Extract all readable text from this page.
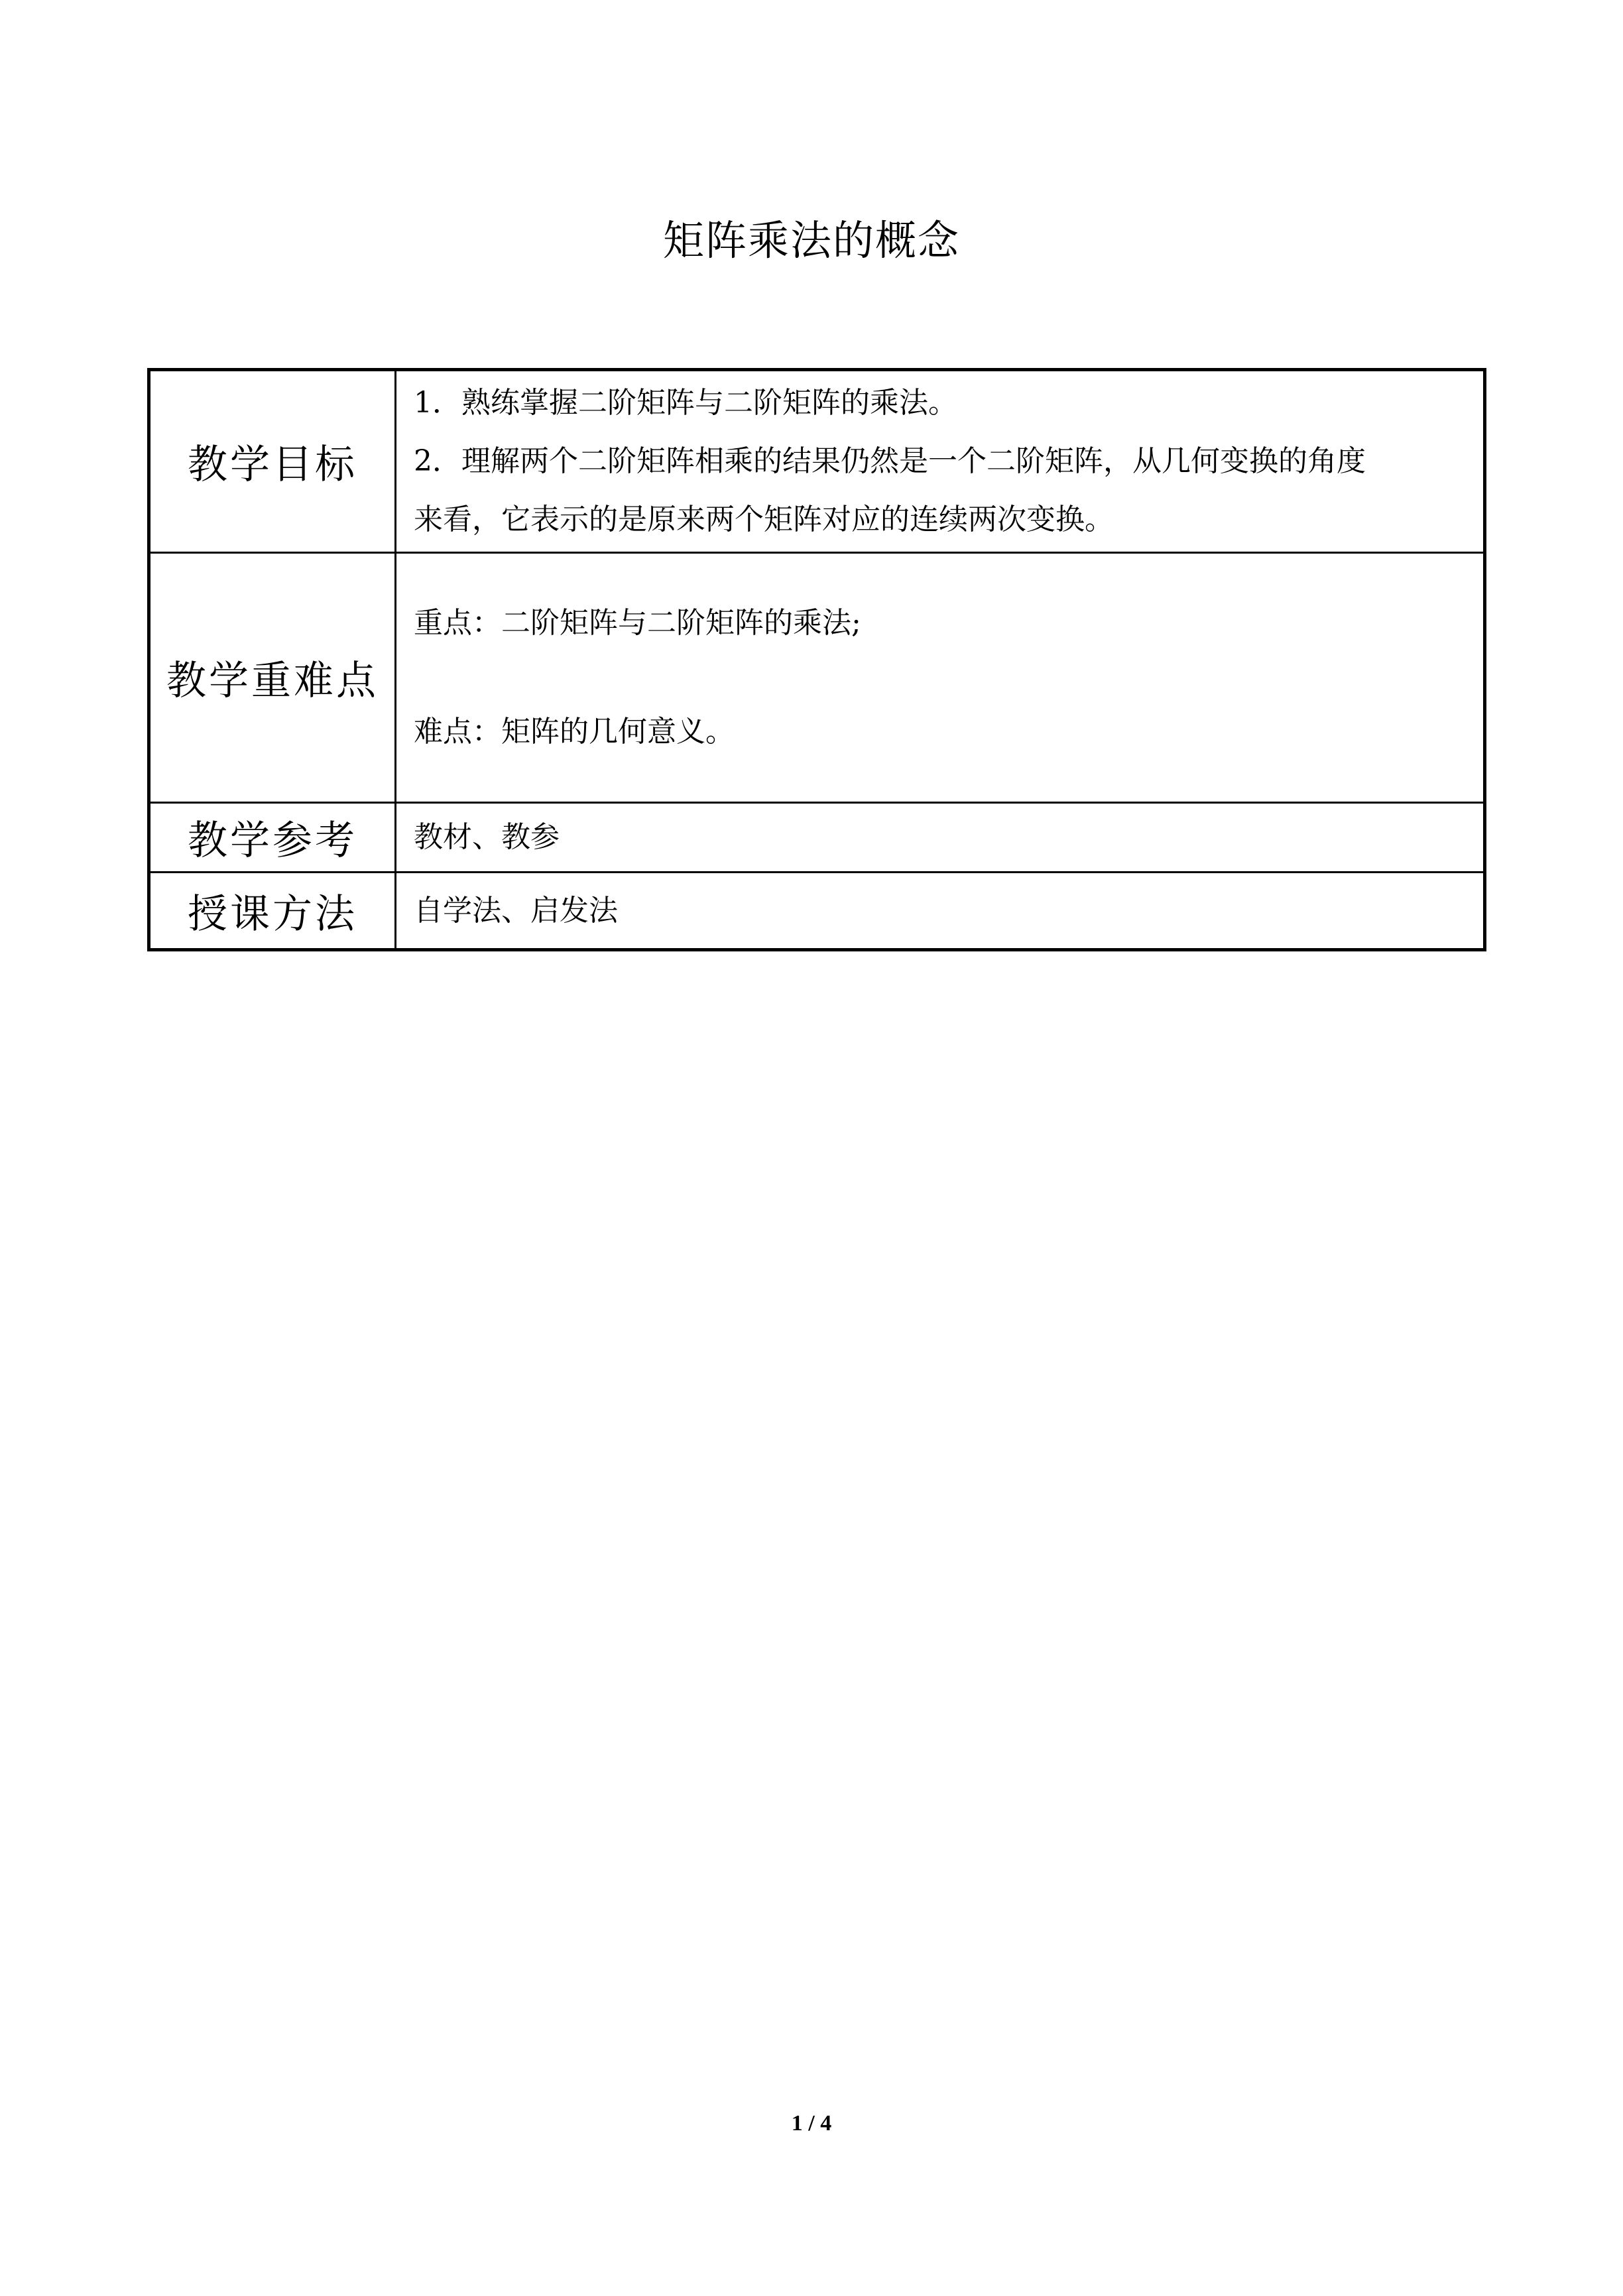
矩阵乘法的概念
教学目标	1．熟练掌握二阶矩阵与二阶矩阵的乘法。
2．理解两个二阶矩阵相乘的结果仍然是一个二阶矩阵，从几何变换的角度
来看，它表示的是原来两个矩阵对应的连续两次变换。

教学重难点	重点：二阶矩阵与二阶矩阵的乘法;
难点：矩阵的几何意义。

教学参考	教材、教参
授课方法	自学法、启发法
1 / 4
